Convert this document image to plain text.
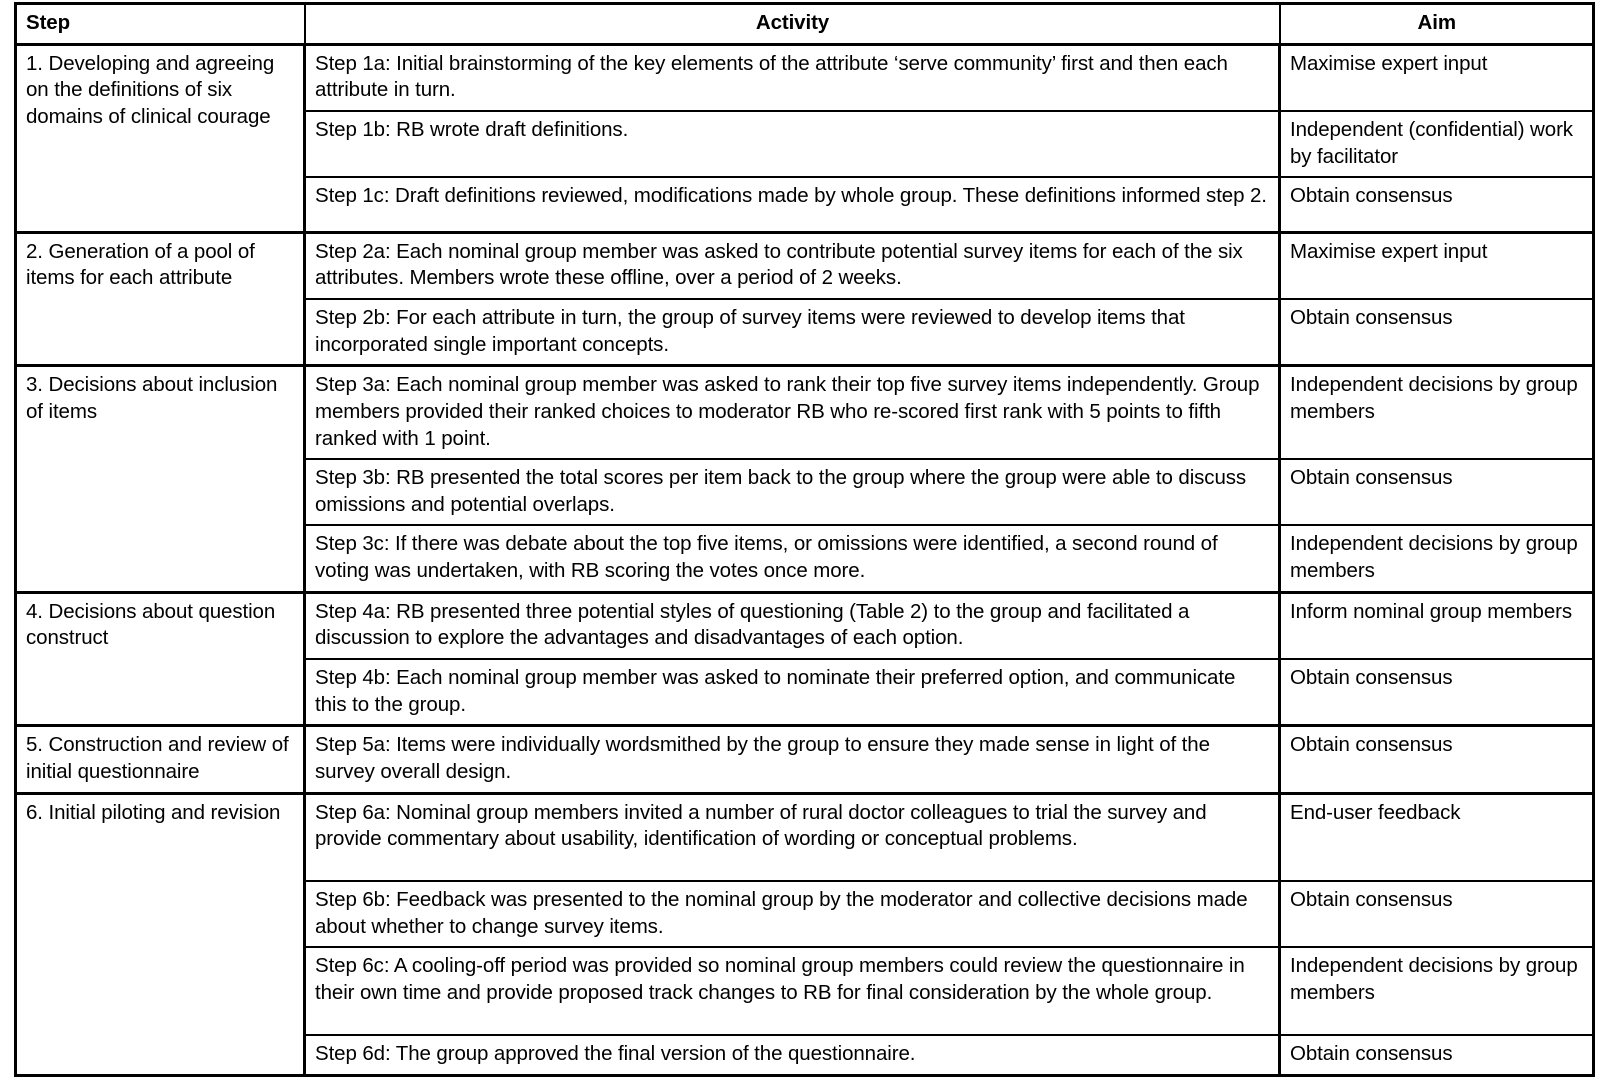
Step	Activity	Aim
1. Developing and agreeing on the definitions of six domains of clinical courage	Step 1a: Initial brainstorming of the key elements of the attribute ‘serve community’ first and then each attribute in turn.	Maximise expert input
	Step 1b: RB wrote draft definitions.	Independent (confidential) work by facilitator
	Step 1c: Draft definitions reviewed, modifications made by whole group. These definitions informed step 2.	Obtain consensus
2. Generation of a pool of items for each attribute	Step 2a: Each nominal group member was asked to contribute potential survey items for each of the six attributes. Members wrote these offline, over a period of 2 weeks.	Maximise expert input
	Step 2b: For each attribute in turn, the group of survey items were reviewed to develop items that incorporated single important concepts.	Obtain consensus
3. Decisions about inclusion of items	Step 3a: Each nominal group member was asked to rank their top five survey items independently. Group members provided their ranked choices to moderator RB who re-scored first rank with 5 points to fifth ranked with 1 point.	Independent decisions by group members
	Step 3b: RB presented the total scores per item back to the group where the group were able to discuss omissions and potential overlaps.	Obtain consensus
	Step 3c: If there was debate about the top five items, or omissions were identified, a second round of voting was undertaken, with RB scoring the votes once more.	Independent decisions by group members
4. Decisions about question construct	Step 4a: RB presented three potential styles of questioning (Table 2) to the group and facilitated a discussion to explore the advantages and disadvantages of each option.	Inform nominal group members
	Step 4b: Each nominal group member was asked to nominate their preferred option, and communicate this to the group.	Obtain consensus
5. Construction and review of initial questionnaire	Step 5a: Items were individually wordsmithed by the group to ensure they made sense in light of the survey overall design.	Obtain consensus
6. Initial piloting and revision	Step 6a: Nominal group members invited a number of rural doctor colleagues to trial the survey and provide commentary about usability, identification of wording or conceptual problems.	End-user feedback
	Step 6b: Feedback was presented to the nominal group by the moderator and collective decisions made about whether to change survey items.	Obtain consensus
	Step 6c: A cooling-off period was provided so nominal group members could review the questionnaire in their own time and provide proposed track changes to RB for final consideration by the whole group.	Independent decisions by group members
	Step 6d: The group approved the final version of the questionnaire.	Obtain consensus
